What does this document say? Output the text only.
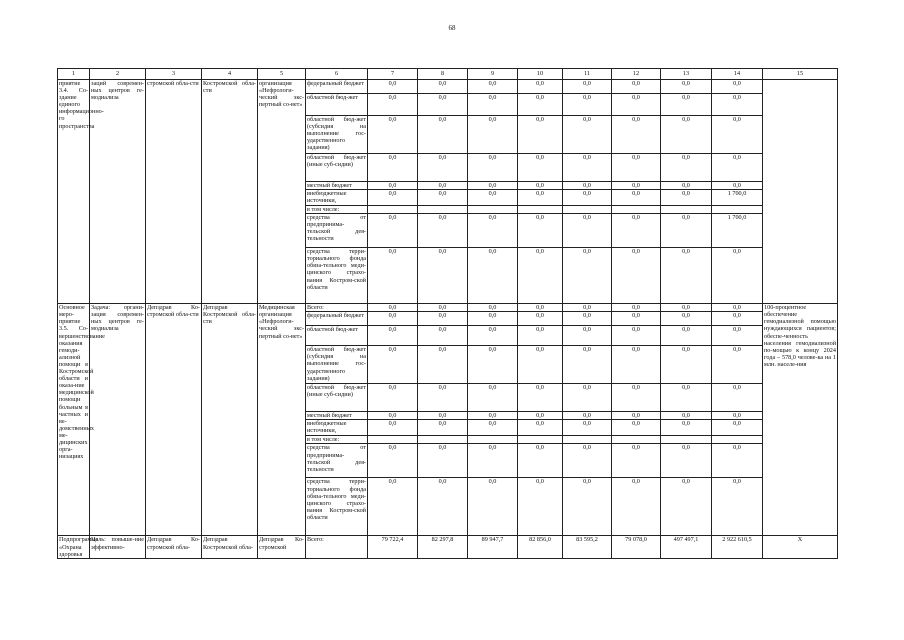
68
1	2	3	4	5	6	7	8	9	10	11	12	13	14	15
приятие 3.4. Со-здание единого информационно-го пространства	заций современ-ных центров ге-модиализа	стромской обла-сти	Костромской обла-сти	организация «Нефрологи-ческий экс-пертный со-вет»	федеральный бюджет	0,0	0,0	0,0	0,0	0,0	0,0	0,0	0,0	
					областной бюд-жет	0,0	0,0	0,0	0,0	0,0	0,0	0,0	0,0	
					областной бюд-жет (субсидия на выполнение гос-ударственного задания)	0,0	0,0	0,0	0,0	0,0	0,0	0,0	0,0	
					областной бюд-жет (иные суб-сидии)	0,0	0,0	0,0	0,0	0,0	0,0	0,0	0,0	
					местный бюджет	0,0	0,0	0,0	0,0	0,0	0,0	0,0	0,0	
					внебюджетные источники,	0,0	0,0	0,0	0,0	0,0	0,0	0,0	1 700,0	
					в том числе:									
					средства от предпринима-тельской дея-тельности	0,0	0,0	0,0	0,0	0,0	0,0	0,0	1 700,0	
					средства терри-ториального фонда обяза-тельного меди-цинского страхо-вания Костром-ской области	0,0	0,0	0,0	0,0	0,0	0,0	0,0	0,0	
Основное меро-приятие 3.5. Со-вершенствование оказания гемоди-ализной помощи в Костромской области и оказа-ние медицинской помощи больным в частных и ве-домственных ме-дицинских орга-низациях	Задача: органи-зация современ-ных центров ге-модиализа	Депздрав Ко-стромской обла-сти	Депздрав Костромской обла-сти	Медицинская организация «Нефрологи-ческий экс-пертный со-вет»	Всего:	0,0	0,0	0,0	0,0	0,0	0,0	0,0	0,0	100-процентное обеспечение гемодиализной помощью нуждающихся пациентов; обеспе-ченность населения гемодиализной по-мощью к концу 2024 года – 578,0 челове-ка на 1 млн. населе-ния
					федеральный бюджет	0,0	0,0	0,0	0,0	0,0	0,0	0,0	0,0	
					областной бюд-жет	0,0	0,0	0,0	0,0	0,0	0,0	0,0	0,0	
					областной бюд-жет (субсидия на выполнение гос-ударственного задания)	0,0	0,0	0,0	0,0	0,0	0,0	0,0	0,0	
					областной бюд-жет (иные суб-сидии)	0,0	0,0	0,0	0,0	0,0	0,0	0,0	0,0	
					местный бюджет	0,0	0,0	0,0	0,0	0,0	0,0	0,0	0,0	
					внебюджетные источники,	0,0	0,0	0,0	0,0	0,0	0,0	0,0	0,0	
					в том числе:									
					средства от предпринима-тельской дея-тельности	0,0	0,0	0,0	0,0	0,0	0,0	0,0	0,0	
					средства терри-ториального фонда обяза-тельного меди-цинского страхо-вания Костром-ской области	0,0	0,0	0,0	0,0	0,0	0,0	0,0	0,0	
Подпрограмма «Охрана здоровья	Цель: повыше-ние эффективно-	Депздрав Ко-стромской обла-	Депздрав Костромской обла-	Депздрав Ко-стромской	Всего:	79 722,4	82 297,8	89 947,7	82 856,0	83 595,2	79 078,0	497 497,1	2 922 610,5	X
